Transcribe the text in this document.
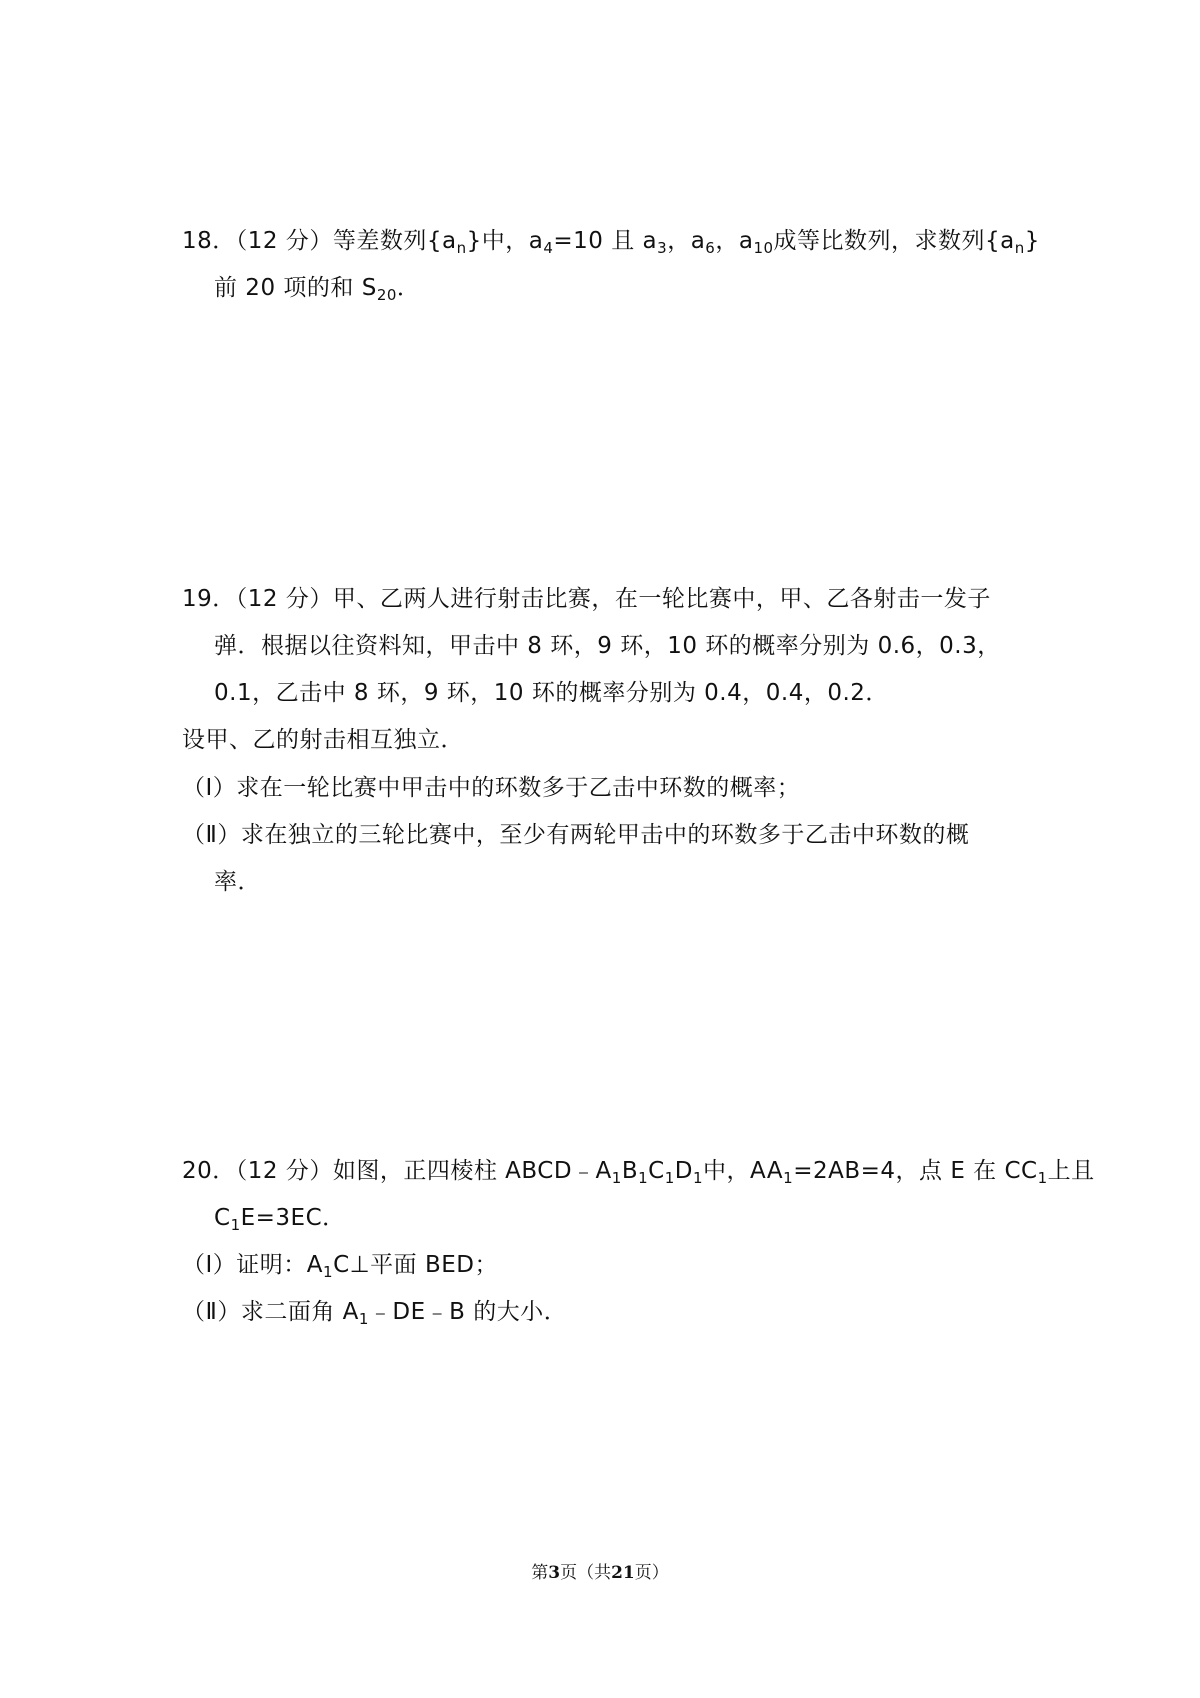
18．（12 分）等差数列$\{a_n\}$中，$a_4=10$ 且 $a_3$，$a_6$，$a_{10}$成等比数列，求数列$\{a_n\}$
前 20 项的和 $S_{20}$．
19．（12 分）甲、乙两人进行射击比赛，在一轮比赛中，甲、乙各射击一发子
弹．根据以往资料知，甲击中 8 环，9 环，10 环的概率分别为 0.6，0.3，
0.1，乙击中 8 环，9 环，10 环的概率分别为 0.4，0.4，0.2．
设甲、乙的射击相互独立．
（Ⅰ）求在一轮比赛中甲击中的环数多于乙击中环数的概率；
（Ⅱ）求在独立的三轮比赛中，至少有两轮甲击中的环数多于乙击中环数的概
率．
20．（12 分）如图，正四棱柱 $ABCD﹣A_1B_1C_1D_1$中，$AA_1=2AB=4$，点 E 在 $CC_1$上且
$C_1E=3EC$．
（Ⅰ）证明：$A_1C\perp$平面 BED；
（Ⅱ）求二面角 $A_1﹣DE﹣B$ 的大小．
第3页（共21页）
